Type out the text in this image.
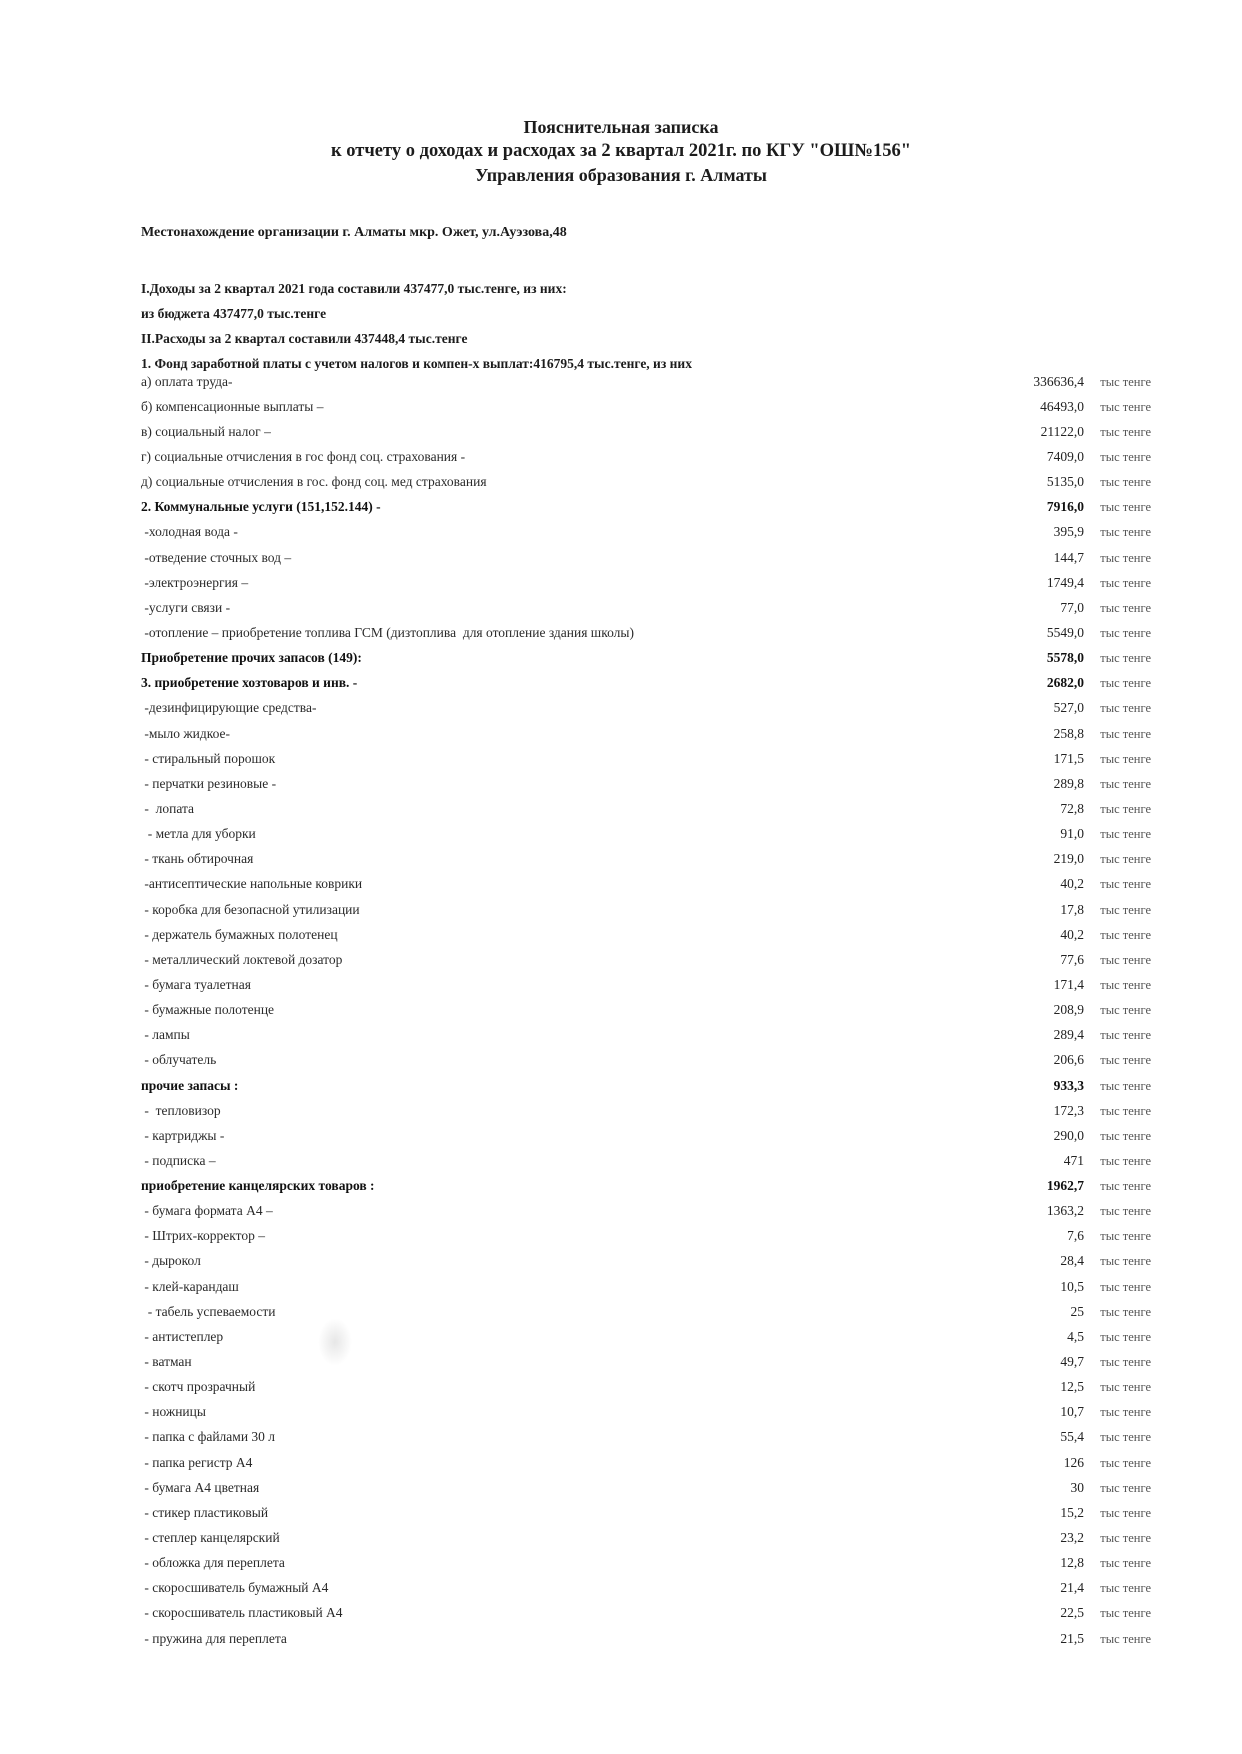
Пояснительная записка
к отчету о доходах и расходах за 2 квартал 2021г. по КГУ "ОШ№156"
Управления образования г. Алматы
Местонахождение организации г. Алматы мкр. Ожет, ул.Ауэзова,48
I.Доходы за 2 квартал 2021 года составили 437477,0 тыс.тенге, из них:
из бюджета 437477,0 тыс.тенге
II.Расходы за 2 квартал составили 437448,4 тыс.тенге
1. Фонд заработной платы с учетом налогов и компен-х выплат:416795,4 тыс.тенге, из них
а) оплата труда-	336636,4	тыс тенге
б) компенсационные выплаты –	46493,0	тыс тенге
в) социальный налог –	21122,0	тыс тенге
г) социальные отчисления в гос фонд соц. страхования -	7409,0	тыс тенге
д) социальные отчисления в гос. фонд соц. мед страхования	5135,0	тыс тенге
2. Коммунальные услуги (151,152.144) -	7916,0	тыс тенге
-холодная вода -	395,9	тыс тенге
-отведение сточных вод –	144,7	тыс тенге
-электроэнергия –	1749,4	тыс тенге
-услуги связи -	77,0	тыс тенге
-отопление – приобретение топлива ГСМ (дизтоплива  для отопление здания школы)	5549,0	тыс тенге
Приобретение прочих запасов (149):	5578,0	тыс тенге
3. приобретение хозтоваров и инв. -	2682,0	тыс тенге
-дезинфицирующие средства-	527,0	тыс тенге
-мыло жидкое-	258,8	тыс тенге
- стиральный порошок	171,5	тыс тенге
- перчатки резиновые -	289,8	тыс тенге
-  лопата	72,8	тыс тенге
- метла для уборки	91,0	тыс тенге
- ткань обтирочная	219,0	тыс тенге
-антисептические напольные коврики	40,2	тыс тенге
- коробка для безопасной утилизации	17,8	тыс тенге
- держатель бумажных полотенец	40,2	тыс тенге
- металлический локтевой дозатор	77,6	тыс тенге
- бумага туалетная	171,4	тыс тенге
- бумажные полотенце	208,9	тыс тенге
- лампы	289,4	тыс тенге
- облучатель	206,6	тыс тенге
прочие запасы :	933,3	тыс тенге
-  тепловизор	172,3	тыс тенге
- картриджы -	290,0	тыс тенге
- подписка –	471	тыс тенге
приобретение канцелярских товаров :	1962,7	тыс тенге
- бумага формата А4 –	1363,2	тыс тенге
- Штрих-корректор –	7,6	тыс тенге
- дырокол	28,4	тыс тенге
- клей-карандаш	10,5	тыс тенге
- табель успеваемости	25	тыс тенге
- антистеплер	4,5	тыс тенге
- ватман	49,7	тыс тенге
- скотч прозрачный	12,5	тыс тенге
- ножницы	10,7	тыс тенге
- папка с файлами 30 л	55,4	тыс тенге
- папка регистр А4	126	тыс тенге
- бумага А4 цветная	30	тыс тенге
- стикер пластиковый	15,2	тыс тенге
- степлер канцелярский	23,2	тыс тенге
- обложка для переплета	12,8	тыс тенге
- скоросшиватель бумажный А4	21,4	тыс тенге
- скоросшиватель пластиковый А4	22,5	тыс тенге
- пружина для переплета	21,5	тыс тенге
